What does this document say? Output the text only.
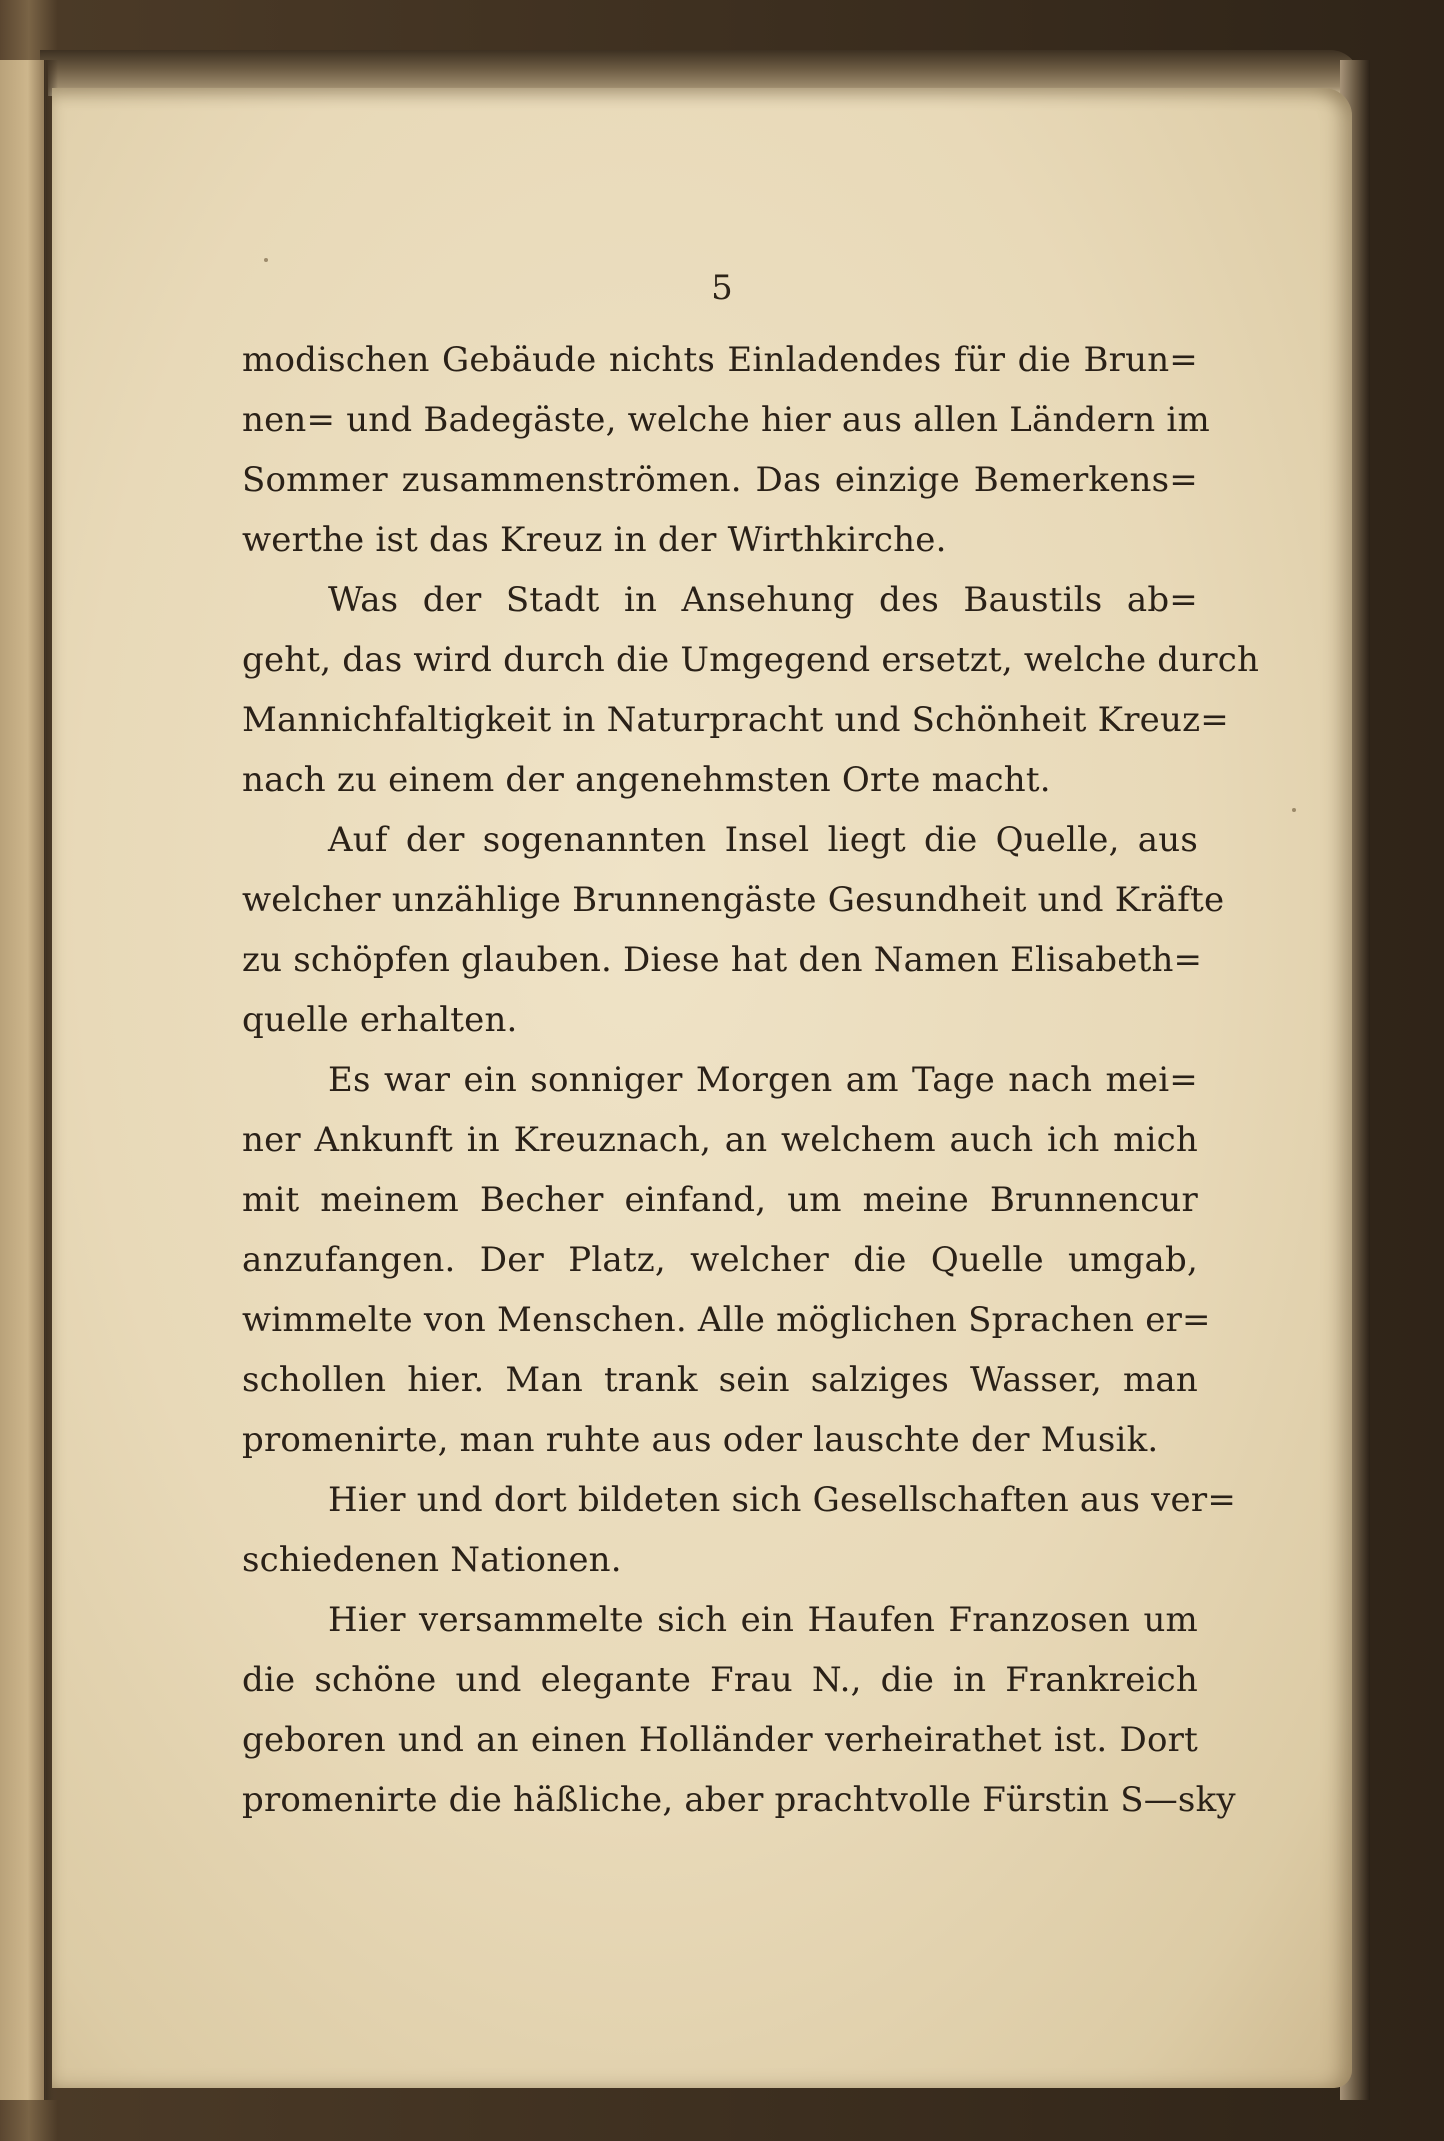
5

modischen Gebäude nichts Einladendes für die Brun=
nen= und Badegäste, welche hier aus allen Ländern im
Sommer zusammenströmen. Das einzige Bemerkens=
werthe ist das Kreuz in der Wirthkirche.

Was der Stadt in Ansehung des Baustils ab=
geht, das wird durch die Umgegend ersetzt, welche durch
Mannichfaltigkeit in Naturpracht und Schönheit Kreuz=
nach zu einem der angenehmsten Orte macht.

Auf der sogenannten Insel liegt die Quelle, aus
welcher unzählige Brunnengäste Gesundheit und Kräfte
zu schöpfen glauben. Diese hat den Namen Elisabeth=
quelle erhalten.

Es war ein sonniger Morgen am Tage nach mei=
ner Ankunft in Kreuznach, an welchem auch ich mich
mit meinem Becher einfand, um meine Brunnencur
anzufangen. Der Platz, welcher die Quelle umgab,
wimmelte von Menschen. Alle möglichen Sprachen er=
schollen hier. Man trank sein salziges Wasser, man
promenirte, man ruhte aus oder lauschte der Musik.

Hier und dort bildeten sich Gesellschaften aus ver=
schiedenen Nationen.

Hier versammelte sich ein Haufen Franzosen um
die schöne und elegante Frau N., die in Frankreich
geboren und an einen Holländer verheirathet ist. Dort
promenirte die häßliche, aber prachtvolle Fürstin S—sky
